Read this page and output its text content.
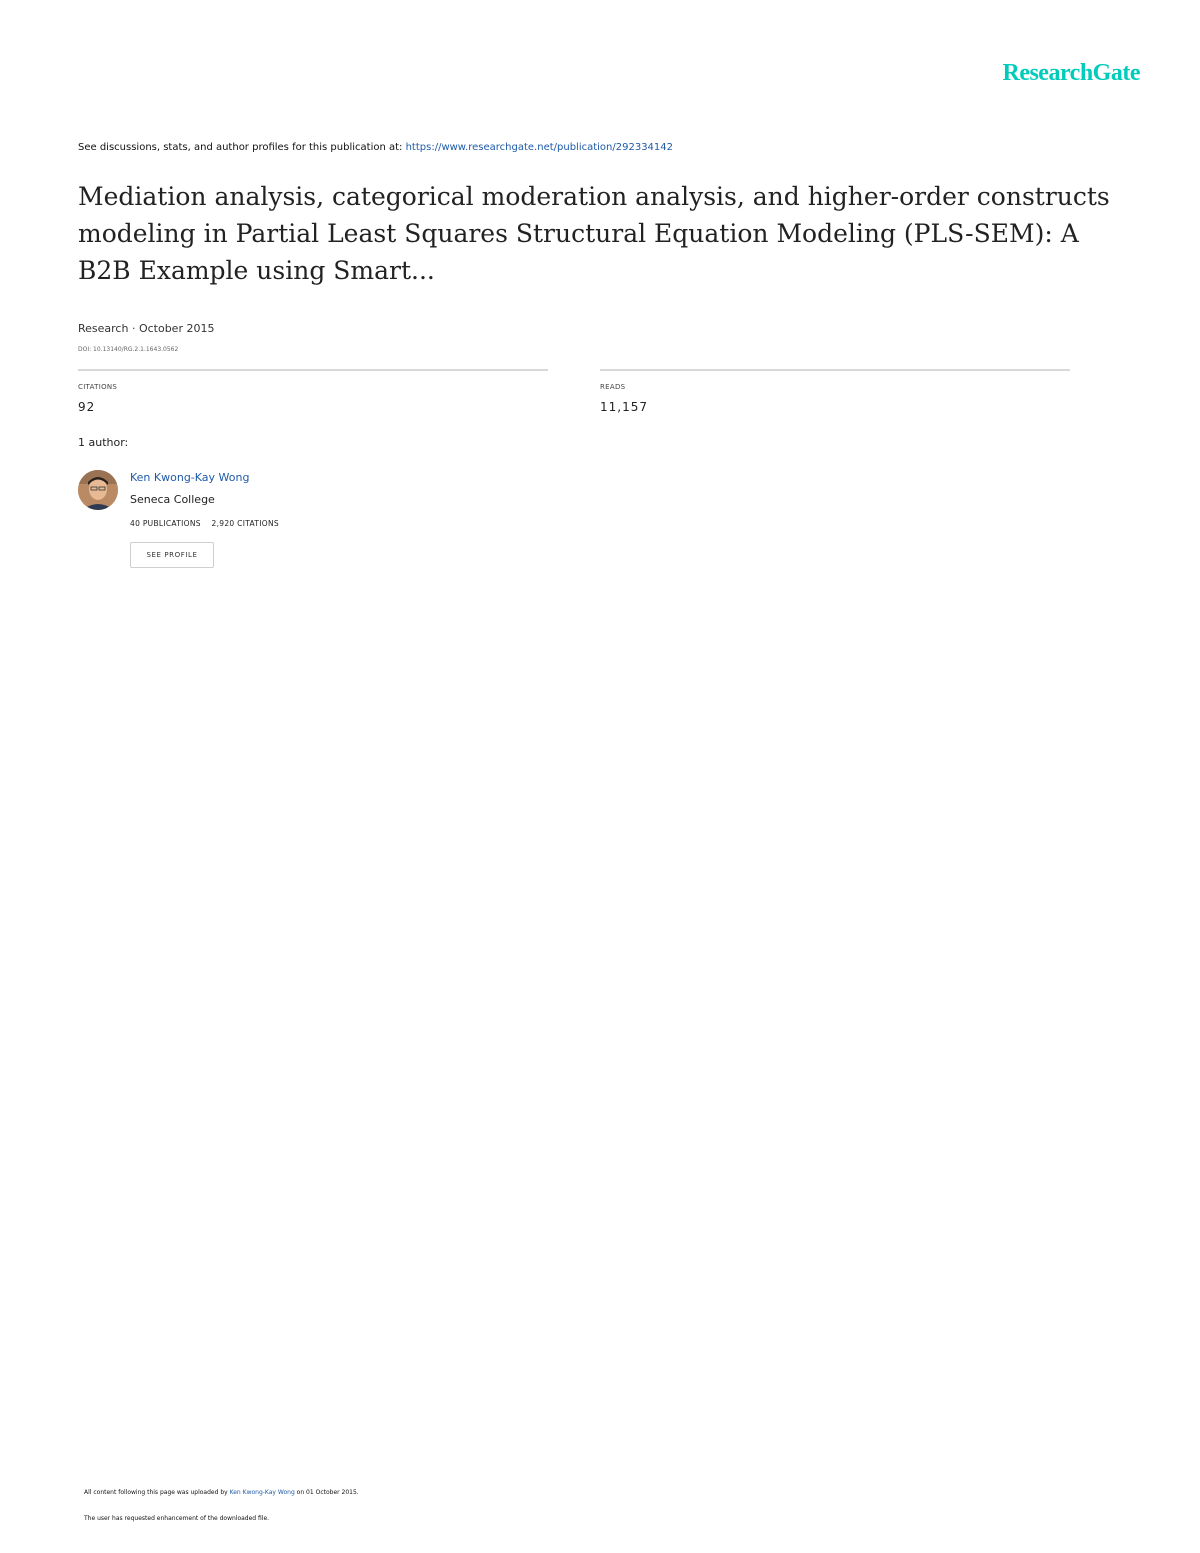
ResearchGate
See discussions, stats, and author profiles for this publication at: https://www.researchgate.net/publication/292334142
Mediation analysis, categorical moderation analysis, and higher-order constructs modeling in Partial Least Squares Structural Equation Modeling (PLS-SEM): A B2B Example using Smart...
Research · October 2015
DOI: 10.13140/RG.2.1.1643.0562
CITATIONS
92
READS
11,157
1 author:
Ken Kwong-Kay Wong
Seneca College
40 PUBLICATIONS 2,920 CITATIONS
SEE PROFILE
All content following this page was uploaded by Ken Kwong-Kay Wong on 01 October 2015.
The user has requested enhancement of the downloaded file.
